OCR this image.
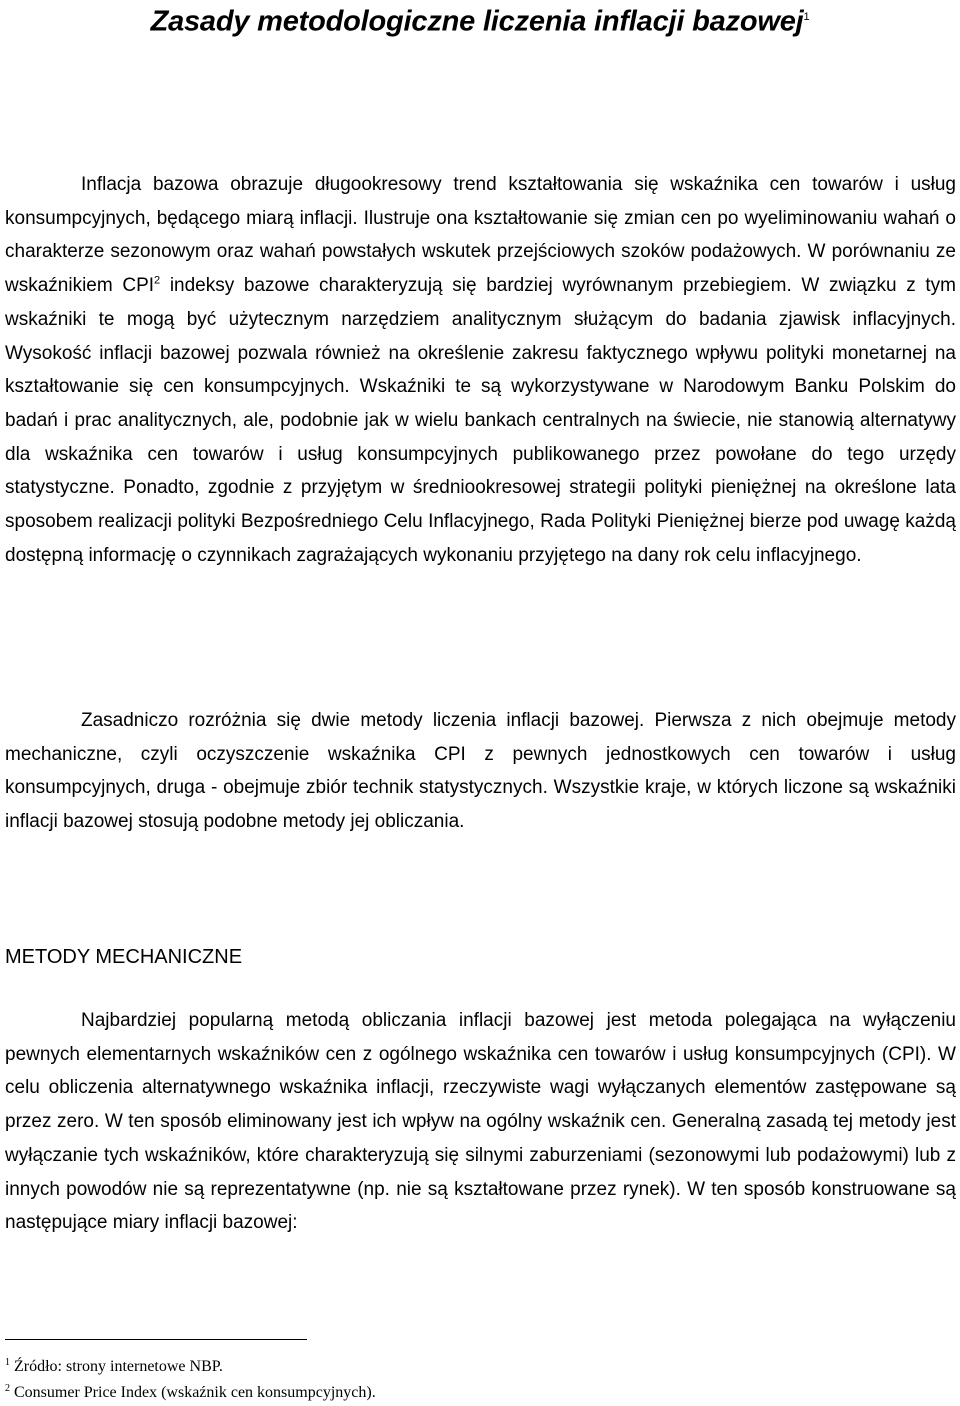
Zasady metodologiczne liczenia inflacji bazowej$^1$

Inflacja bazowa obrazuje długookresowy trend kształtowania się wskaźnika cen towarów i usług konsumpcyjnych, będącego miarą inflacji. Ilustruje ona kształtowanie się zmian cen po wyeliminowaniu wahań o charakterze sezonowym oraz wahań powstałych wskutek przejściowych szoków podażowych. W porównaniu ze wskaźnikiem CPI$^2$ indeksy bazowe charakteryzują się bardziej wyrównanym przebiegiem. W związku z tym wskaźniki te mogą być użytecznym narzędziem analitycznym służącym do badania zjawisk inflacyjnych. Wysokość inflacji bazowej pozwala również na określenie zakresu faktycznego wpływu polityki monetarnej na kształtowanie się cen konsumpcyjnych. Wskaźniki te są wykorzystywane w Narodowym Banku Polskim do badań i prac analitycznych, ale, podobnie jak w wielu bankach centralnych na świecie, nie stanowią alternatywy dla wskaźnika cen towarów i usług konsumpcyjnych publikowanego przez powołane do tego urzędy statystyczne. Ponadto, zgodnie z przyjętym w średniookresowej strategii polityki pieniężnej na określone lata sposobem realizacji polityki Bezpośredniego Celu Inflacyjnego, Rada Polityki Pieniężnej bierze pod uwagę każdą dostępną informację o czynnikach zagrażających wykonaniu przyjętego na dany rok celu inflacyjnego.

Zasadniczo rozróżnia się dwie metody liczenia inflacji bazowej. Pierwsza z nich obejmuje metody mechaniczne, czyli oczyszczenie wskaźnika CPI z pewnych jednostkowych cen towarów i usług konsumpcyjnych, druga - obejmuje zbiór technik statystycznych. Wszystkie kraje, w których liczone są wskaźniki inflacji bazowej stosują podobne metody jej obliczania.

METODY MECHANICZNE

Najbardziej popularną metodą obliczania inflacji bazowej jest metoda polegająca na wyłączeniu pewnych elementarnych wskaźników cen z ogólnego wskaźnika cen towarów i usług konsumpcyjnych (CPI). W celu obliczenia alternatywnego wskaźnika inflacji, rzeczywiste wagi wyłączanych elementów zastępowane są przez zero. W ten sposób eliminowany jest ich wpływ na ogólny wskaźnik cen. Generalną zasadą tej metody jest wyłączanie tych wskaźników, które charakteryzują się silnymi zaburzeniami (sezonowymi lub podażowymi) lub z innych powodów nie są reprezentatywne (np. nie są kształtowane przez rynek). W ten sposób konstruowane są następujące miary inflacji bazowej:

$^1$ Źródło: strony internetowe NBP.

$^2$ Consumer Price Index (wskaźnik cen konsumpcyjnych).
